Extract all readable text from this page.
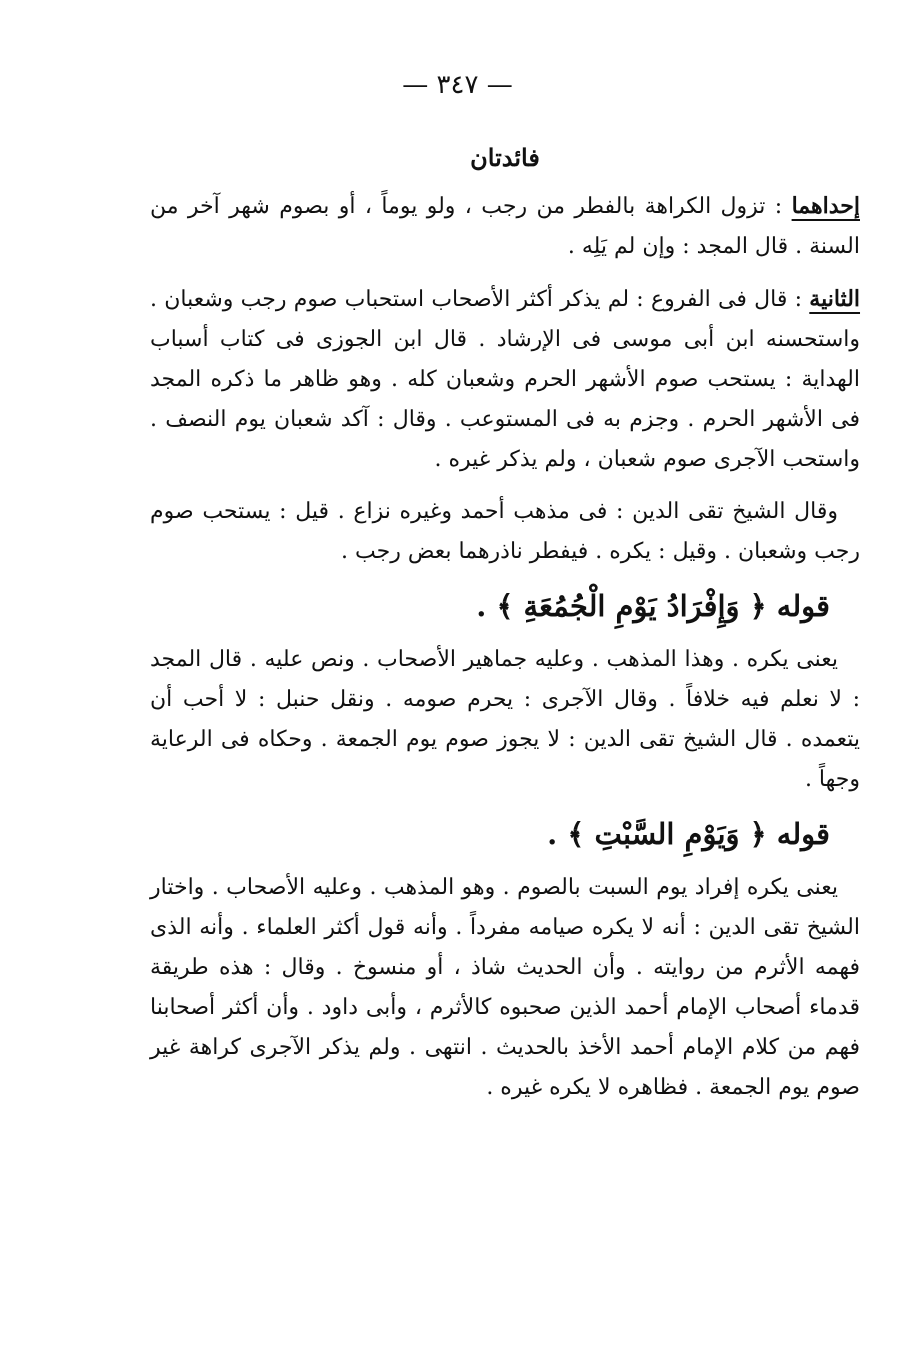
— ٣٤٧ —
فائدتان

إحداهما : تزول الكراهة بالفطر من رجب ، ولو يوماً ، أو بصوم شهر آخر من السنة . قال المجد : وإن لم يَلِه .

الثانية : قال فى الفروع : لم يذكر أكثر الأصحاب استحباب صوم رجب وشعبان . واستحسنه ابن أبى موسى فى الإرشاد . قال ابن الجوزى فى كتاب أسباب الهداية : يستحب صوم الأشهر الحرم وشعبان كله . وهو ظاهر ما ذكره المجد فى الأشهر الحرم . وجزم به فى المستوعب . وقال : آكد شعبان يوم النصف . واستحب الآجرى صوم شعبان ، ولم يذكر غيره .

وقال الشيخ تقى الدين : فى مذهب أحمد وغيره نزاع . قيل : يستحب صوم رجب وشعبان . وقيل : يكره . فيفطر ناذرهما بعض رجب .

قوله ﴿ وَإِفْرَادُ يَوْمِ الْجُمُعَةِ ﴾ .

يعنى يكره . وهذا المذهب . وعليه جماهير الأصحاب . ونص عليه . قال المجد : لا نعلم فيه خلافاً . وقال الآجرى : يحرم صومه . ونقل حنبل : لا أحب أن يتعمده . قال الشيخ تقى الدين : لا يجوز صوم يوم الجمعة . وحكاه فى الرعاية وجهاً .

قوله ﴿ وَيَوْمِ السَّبْتِ ﴾ .

يعنى يكره إفراد يوم السبت بالصوم . وهو المذهب . وعليه الأصحاب . واختار الشيخ تقى الدين : أنه لا يكره صيامه مفرداً . وأنه قول أكثر العلماء . وأنه الذى فهمه الأثرم من روايته . وأن الحديث شاذ ، أو منسوخ . وقال : هذه طريقة قدماء أصحاب الإمام أحمد الذين صحبوه كالأثرم ، وأبى داود . وأن أكثر أصحابنا فهم من كلام الإمام أحمد الأخذ بالحديث . انتهى . ولم يذكر الآجرى كراهة غير صوم يوم الجمعة . فظاهره لا يكره غيره .
